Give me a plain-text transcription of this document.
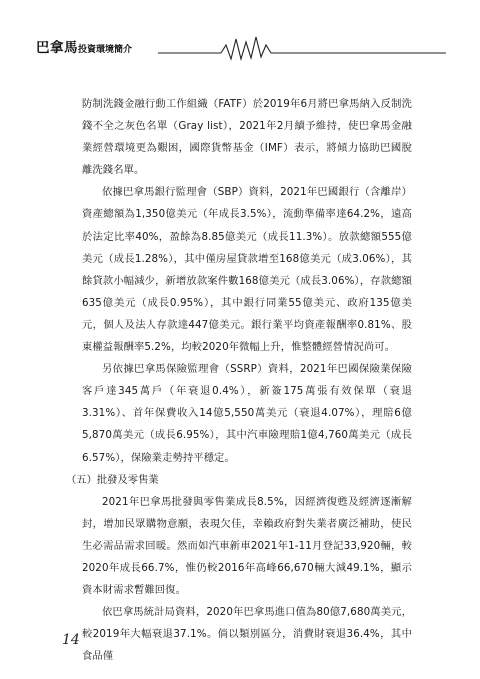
巴拿馬投資環境簡介

防制洗錢金融行動工作組織（FATF）於2019年6月將巴拿馬納入反制洗錢不全之灰色名單（Gray list），2021年2月續予維持，使巴拿馬金融業經營環境更為艱困，國際貨幣基金（IMF）表示，將傾力協助巴國脫離洗錢名單。

依據巴拿馬銀行監理會（SBP）資料，2021年巴國銀行（含離岸）資產總額為1,350億美元（年成長3.5%），流動準備率達64.2%，遠高於法定比率40%，盈餘為8.85億美元（成長11.3%）。放款總額555億美元（成長1.28%），其中僅房屋貸款增至168億美元（成3.06%），其餘貸款小幅減少，新增放款案件數168億美元（成長3.06%），存款總額635億美元（成長0.95%），其中銀行同業55億美元、政府135億美元，個人及法人存款達447億美元。銀行業平均資產報酬率0.81%、股東權益報酬率5.2%，均較2020年微幅上升，惟整體經營情況尚可。

另依據巴拿馬保險監理會（SSRP）資料，2021年巴國保險業保險客戶達345萬戶（年衰退0.4%），新簽175萬張有效保單（衰退3.31%）、首年保費收入14億5,550萬美元（衰退4.07%），理賠6億5,870萬美元（成長6.95%），其中汽車險理賠1億4,760萬美元（成長6.57%），保險業走勢持平穩定。

（五）批發及零售業

2021年巴拿馬批發與零售業成長8.5%，因經濟復甦及經濟逐漸解封，增加民眾購物意願，表現欠佳，幸賴政府對失業者廣泛補助，使民生必需品需求回暖。然而如汽車新車2021年1-11月登記33,920輛，較2020年成長66.7%，惟仍較2016年高峰66,670輛大減49.1%，顯示資本財需求暫難回復。

依巴拿馬統計局資料，2020年巴拿馬進口值為80億7,680萬美元，較2019年大幅衰退37.1%。倘以類別區分，消費財衰退36.4%，其中食品僅

14
